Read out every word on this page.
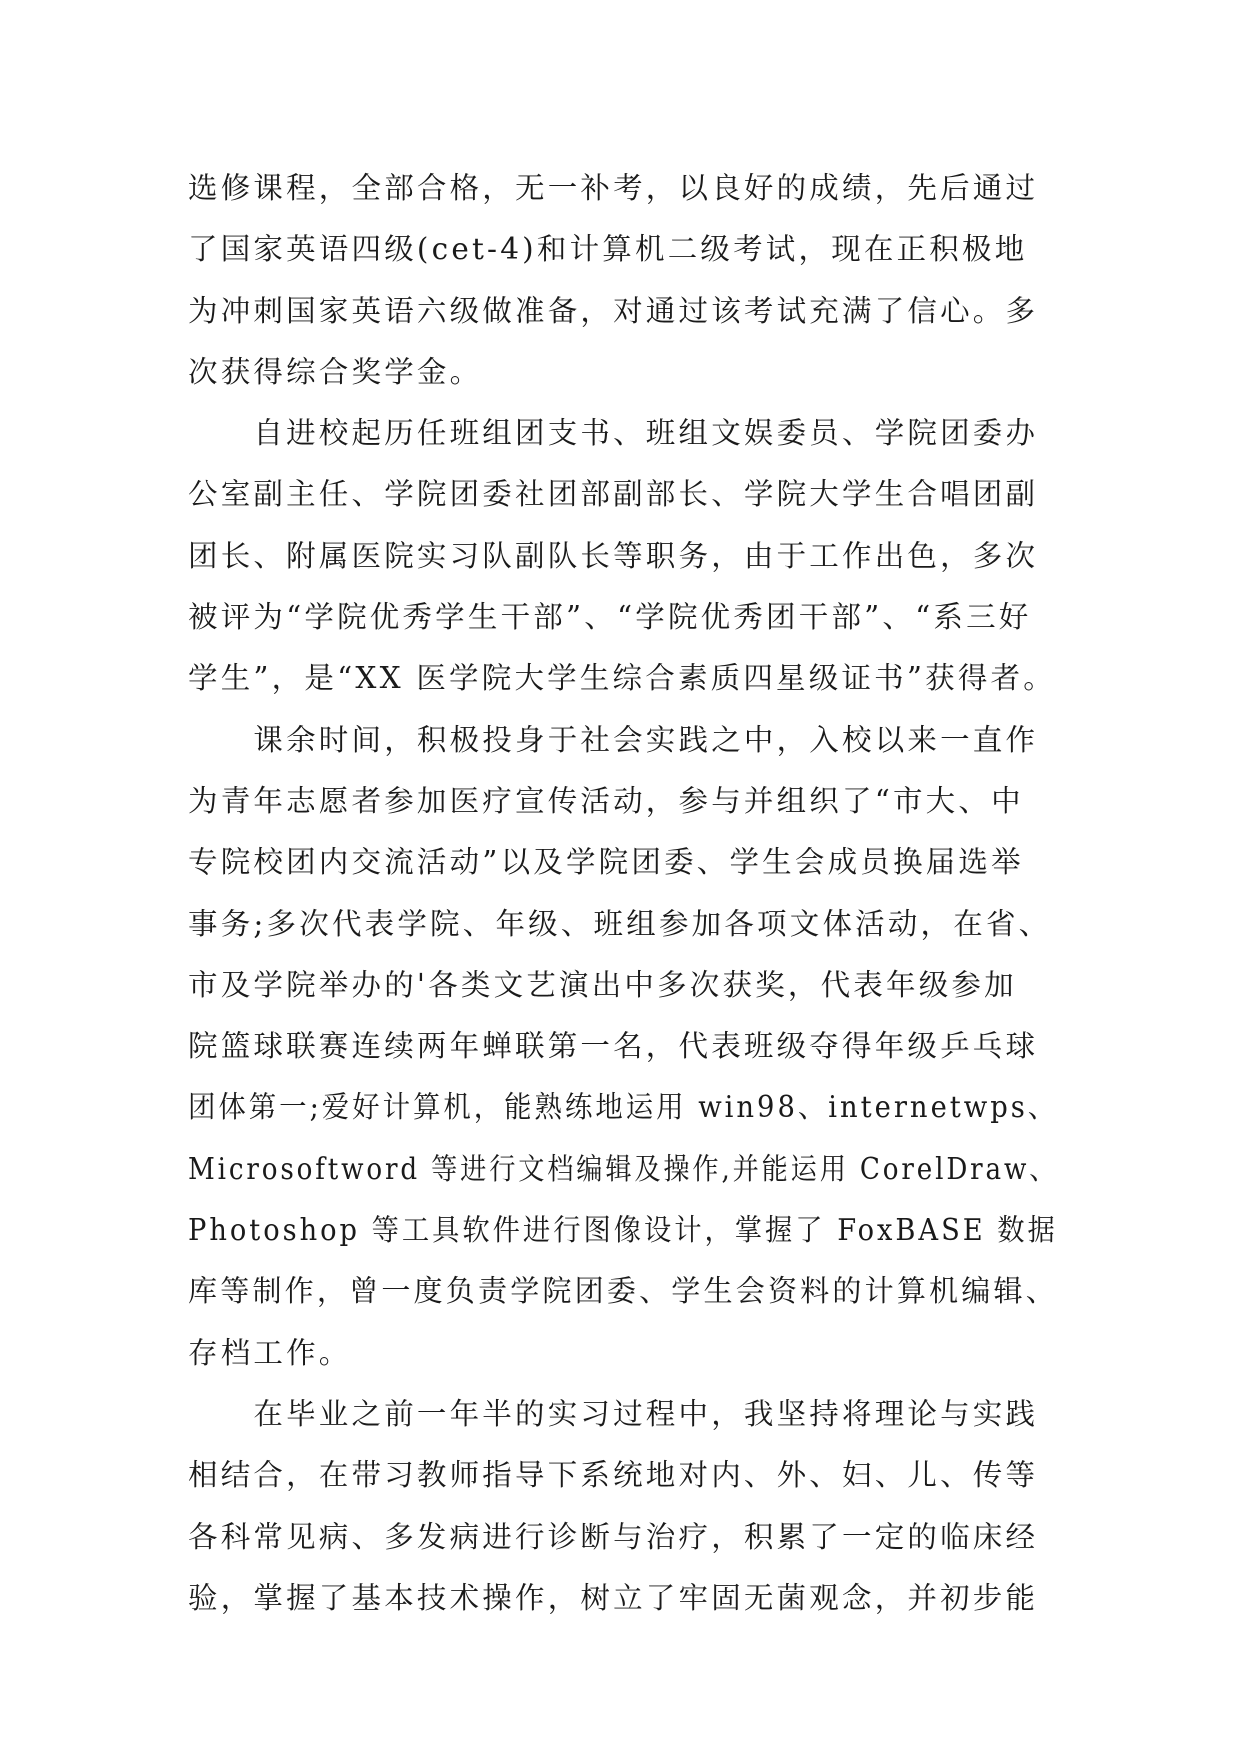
选修课程，全部合格，无一补考，以良好的成绩，先后通过
了国家英语四级(cet-4)和计算机二级考试，现在正积极地
为冲刺国家英语六级做准备，对通过该考试充满了信心。多
次获得综合奖学金。
　　自进校起历任班组团支书、班组文娱委员、学院团委办
公室副主任、学院团委社团部副部长、学院大学生合唱团副
团长、附属医院实习队副队长等职务，由于工作出色，多次
被评为“学院优秀学生干部”、“学院优秀团干部”、“系三好
学生”，是“XX 医学院大学生综合素质四星级证书”获得者。
　　课余时间，积极投身于社会实践之中，入校以来一直作
为青年志愿者参加医疗宣传活动，参与并组织了“市大、中
专院校团内交流活动”以及学院团委、学生会成员换届选举
事务;多次代表学院、年级、班组参加各项文体活动，在省、
市及学院举办的'各类文艺演出中多次获奖，代表年级参加
院篮球联赛连续两年蝉联第一名，代表班级夺得年级乒乓球
团体第一;爱好计算机，能熟练地运用 win98、internetwps、
Microsoftword 等进行文档编辑及操作,并能运用 CorelDraw、
Photoshop 等工具软件进行图像设计，掌握了 FoxBASE 数据
库等制作，曾一度负责学院团委、学生会资料的计算机编辑、
存档工作。
　　在毕业之前一年半的实习过程中，我坚持将理论与实践
相结合，在带习教师指导下系统地对内、外、妇、儿、传等
各科常见病、多发病进行诊断与治疗，积累了一定的临床经
验，掌握了基本技术操作，树立了牢固无菌观念，并初步能
